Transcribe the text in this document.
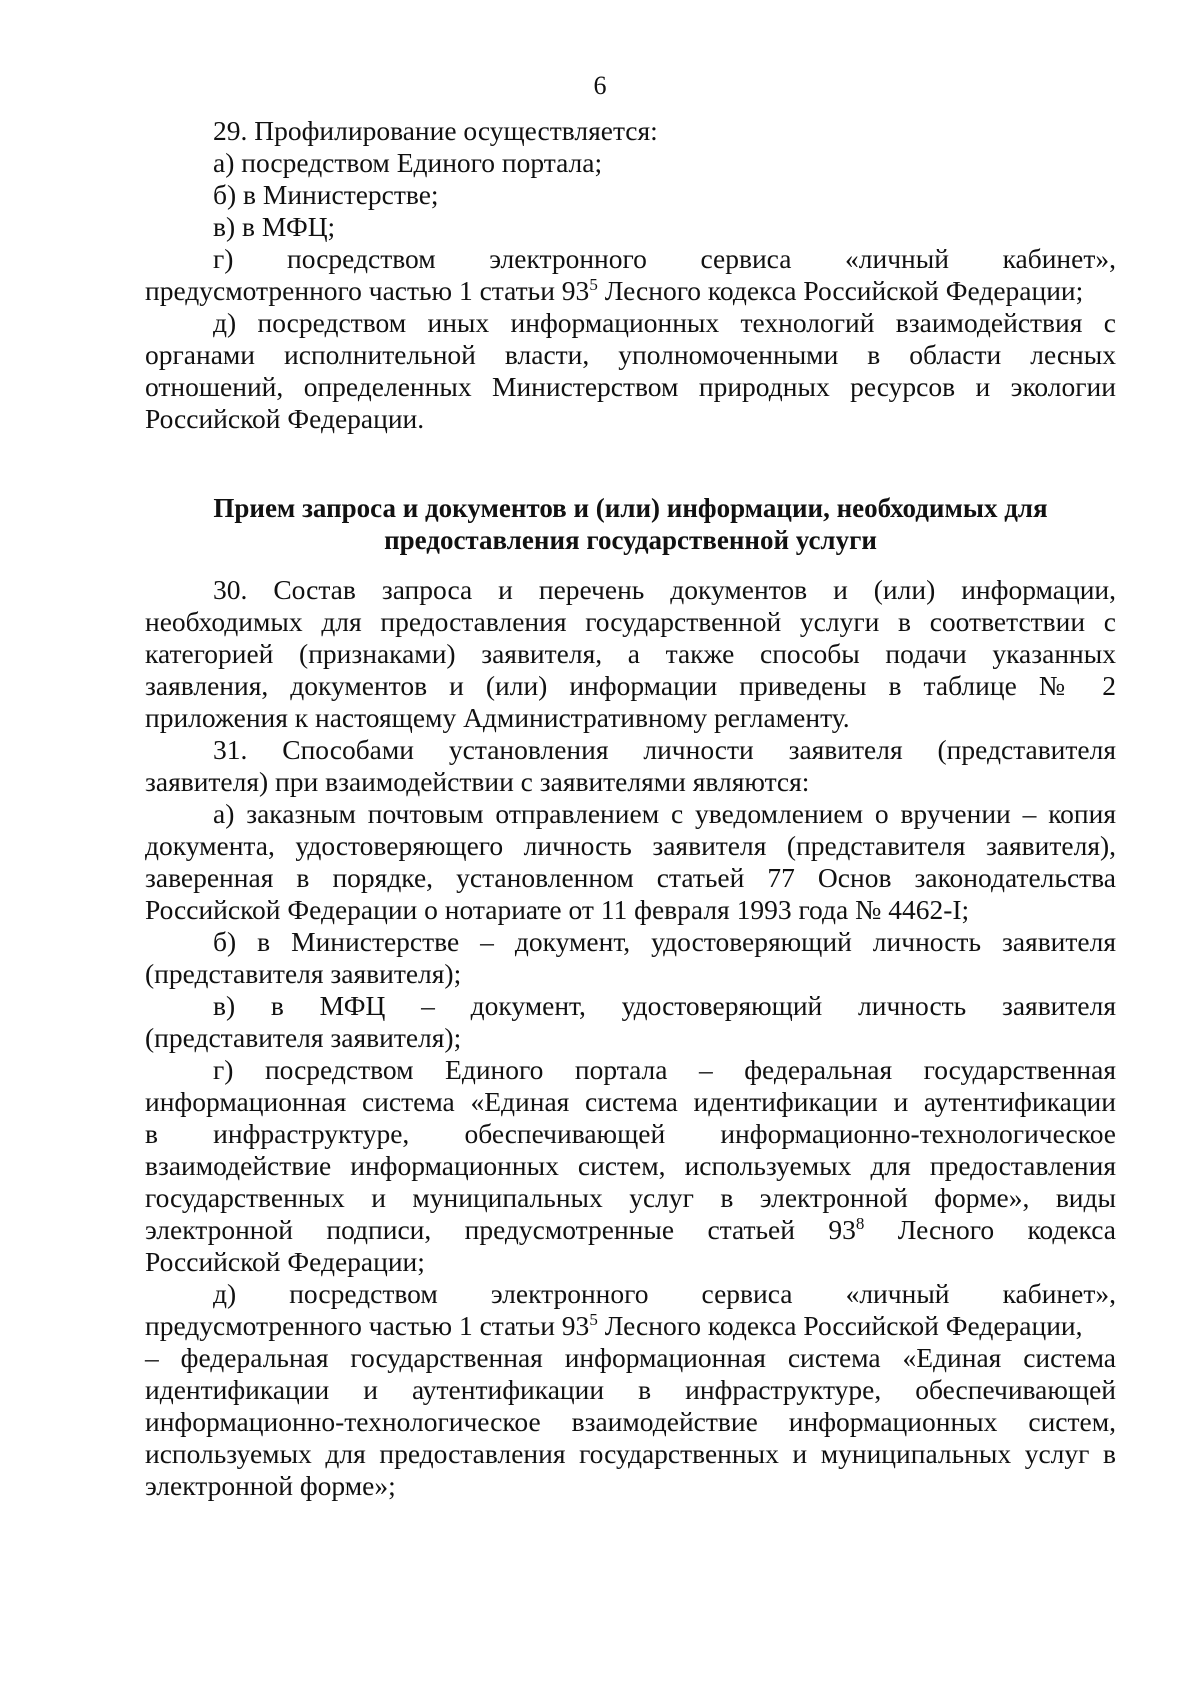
6
29. Профилирование осуществляется:
а) посредством Единого портала;
б) в Министерстве;
в) в МФЦ;
г) посредством электронного сервиса «личный кабинет»,
предусмотренного частью 1 статьи $93^5$ Лесного кодекса Российской Федерации;
д) посредством иных информационных технологий взаимодействия с
органами исполнительной власти, уполномоченными в области лесных
отношений, определенных Министерством природных ресурсов и экологии
Российской Федерации.
Прием запроса и документов и (или) информации, необходимых для
предоставления государственной услуги
30. Состав запроса и перечень документов и (или) информации,
необходимых для предоставления государственной услуги в соответствии с
категорией (признаками) заявителя, а также способы подачи указанных
заявления, документов и (или) информации приведены в таблице № 2
приложения к настоящему Административному регламенту.
31. Способами установления личности заявителя (представителя
заявителя) при взаимодействии с заявителями являются:
а) заказным почтовым отправлением с уведомлением о вручении – копия
документа, удостоверяющего личность заявителя (представителя заявителя),
заверенная в порядке, установленном статьей 77 Основ законодательства
Российской Федерации о нотариате от 11 февраля 1993 года № 4462-I;
б) в Министерстве – документ, удостоверяющий личность заявителя
(представителя заявителя);
в) в МФЦ – документ, удостоверяющий личность заявителя
(представителя заявителя);
г) посредством Единого портала – федеральная государственная
информационная система «Единая система идентификации и аутентификации
в инфраструктуре, обеспечивающей информационно-технологическое
взаимодействие информационных систем, используемых для предоставления
государственных и муниципальных услуг в электронной форме», виды
электронной подписи, предусмотренные статьей $93^8$ Лесного кодекса
Российской Федерации;
д) посредством электронного сервиса «личный кабинет»,
предусмотренного частью 1 статьи $93^5$ Лесного кодекса Российской Федерации,
– федеральная государственная информационная система «Единая система
идентификации и аутентификации в инфраструктуре, обеспечивающей
информационно-технологическое взаимодействие информационных систем,
используемых для предоставления государственных и муниципальных услуг в
электронной форме»;
